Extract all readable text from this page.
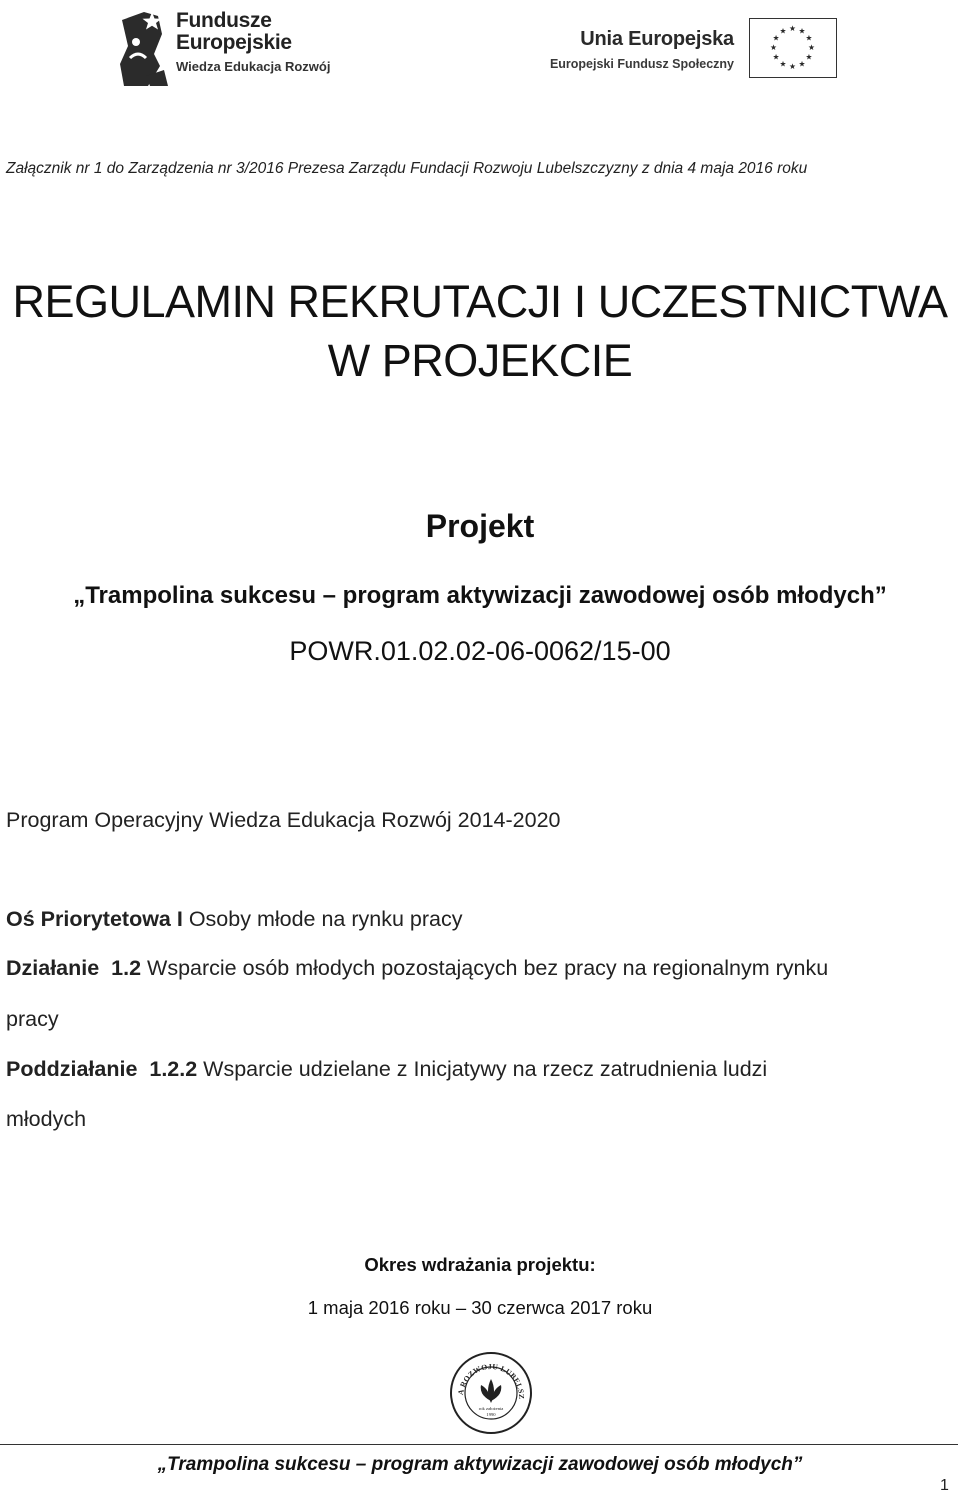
Fundusze
Europejskie
Wiedza Edukacja Rozwój
Unia Europejska
Europejski Fundusz Społeczny
Załącznik nr 1 do Zarządzenia nr 3/2016 Prezesa Zarządu Fundacji Rozwoju Lubelszczyzny z dnia 4 maja 2016 roku
REGULAMIN REKRUTACJI I UCZESTNICTWA
W PROJEKCIE
Projekt
„Trampolina sukcesu – program aktywizacji zawodowej osób młodych”
POWR.01.02.02-06-0062/15-00
Program Operacyjny Wiedza Edukacja Rozwój 2014-2020
Oś Priorytetowa I Osoby młode na rynku pracy
Działanie  1.2 Wsparcie osób młodych pozostających bez pracy na regionalnym rynku
pracy
Poddziałanie  1.2.2 Wsparcie udzielane z Inicjatywy na rzecz zatrudnienia ludzi
młodych
Okres wdrażania projektu:
1 maja 2016 roku – 30 czerwca 2017 roku
A ROZWOJU LUBELSZ
rok założenia
1990
„Trampolina sukcesu – program aktywizacji zawodowej osób młodych”
1
